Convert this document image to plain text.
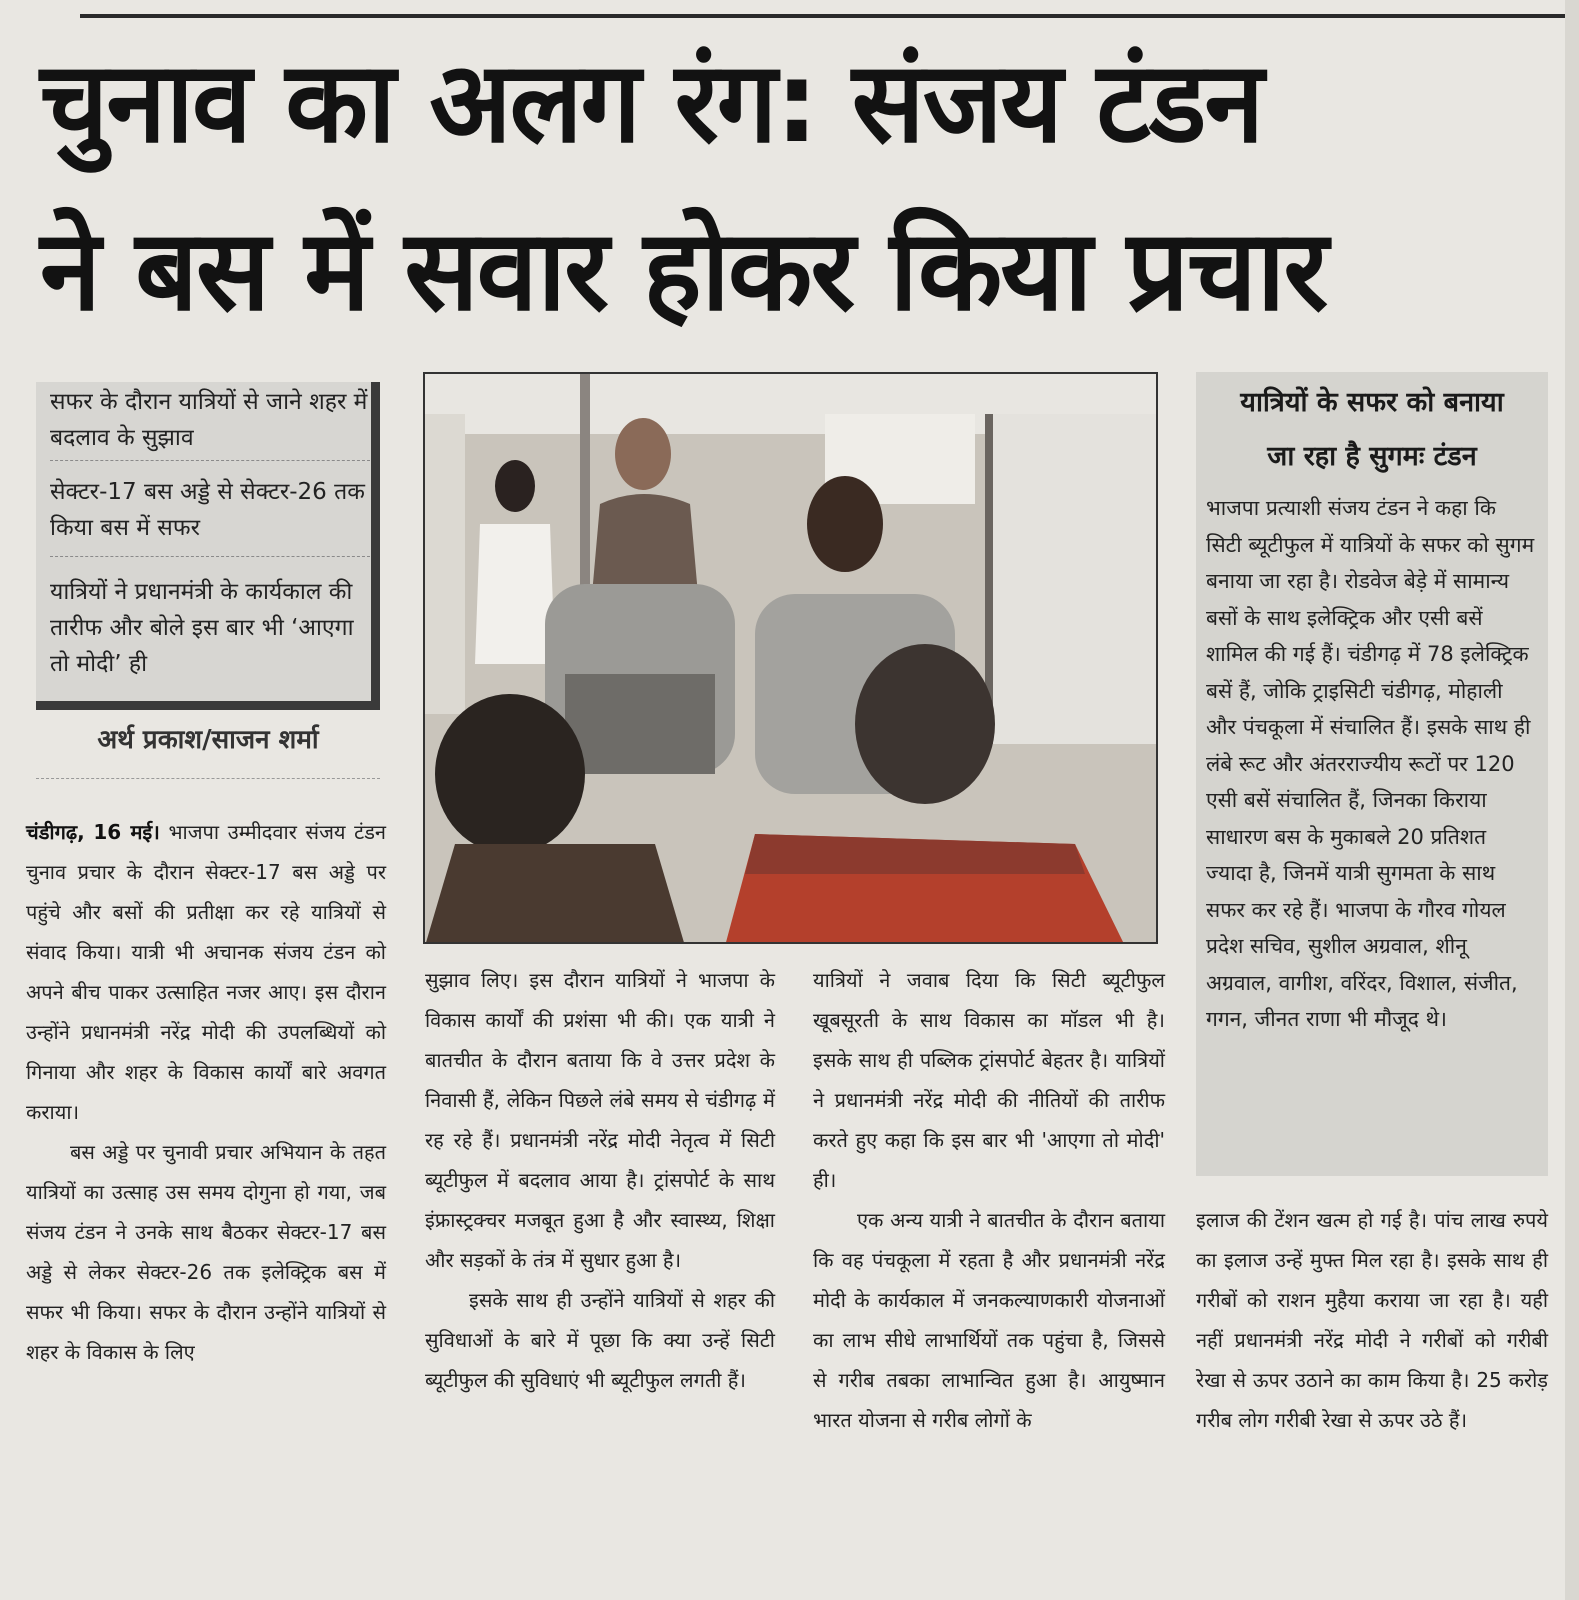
चुनाव का अलग रंग: संजय टंडन
ने बस में सवार होकर किया प्रचार
सफर के दौरान यात्रियों से जाने शहर में बदलाव के सुझाव
सेक्टर-17 बस अड्डे से सेक्टर-26 तक किया बस में सफर
यात्रियों ने प्रधानमंत्री के कार्यकाल की तारीफ और बोले इस बार भी ‘आएगा तो मोदी’ ही
अर्थ प्रकाश/साजन शर्मा

चंडीगढ़, 16 मई। भाजपा उम्मीदवार संजय टंडन चुनाव प्रचार के दौरान सेक्टर-17 बस अड्डे पर पहुंचे और बसों की प्रतीक्षा कर रहे यात्रियों से संवाद किया। यात्री भी अचानक संजय टंडन को अपने बीच पाकर उत्साहित नजर आए। इस दौरान उन्होंने प्रधानमंत्री नरेंद्र मोदी की उपलब्धियों को गिनाया और शहर के विकास कार्यों बारे अवगत कराया।

बस अड्डे पर चुनावी प्रचार अभियान के तहत यात्रियों का उत्साह उस समय दोगुना हो गया, जब संजय टंडन ने उनके साथ बैठकर सेक्टर-17 बस अड्डे से लेकर सेक्टर-26 तक इलेक्ट्रिक बस में सफर भी किया। सफर के दौरान उन्होंने यात्रियों से शहर के विकास के लिए

सुझाव लिए। इस दौरान यात्रियों ने भाजपा के विकास कार्यों की प्रशंसा भी की। एक यात्री ने बातचीत के दौरान बताया कि वे उत्तर प्रदेश के निवासी हैं, लेकिन पिछले लंबे समय से चंडीगढ़ में रह रहे हैं। प्रधानमंत्री नरेंद्र मोदी नेतृत्व में सिटी ब्यूटीफुल में बदलाव आया है। ट्रांसपोर्ट के साथ इंफ्रास्ट्रक्चर मजबूत हुआ है और स्वास्थ्य, शिक्षा और सड़कों के तंत्र में सुधार हुआ है।

इसके साथ ही उन्होंने यात्रियों से शहर की सुविधाओं के बारे में पूछा कि क्या उन्हें सिटी ब्यूटीफुल की सुविधाएं भी ब्यूटीफुल लगती हैं।

यात्रियों ने जवाब दिया कि सिटी ब्यूटीफुल खूबसूरती के साथ विकास का मॉडल भी है। इसके साथ ही पब्लिक ट्रांसपोर्ट बेहतर है। यात्रियों ने प्रधानमंत्री नरेंद्र मोदी की नीतियों की तारीफ करते हुए कहा कि इस बार भी 'आएगा तो मोदी' ही।

एक अन्य यात्री ने बातचीत के दौरान बताया कि वह पंचकूला में रहता है और प्रधानमंत्री नरेंद्र मोदी के कार्यकाल में जनकल्याणकारी योजनाओं का लाभ सीधे लाभार्थियों तक पहुंचा है, जिससे से गरीब तबका लाभान्वित हुआ है। आयुष्मान भारत योजना से गरीब लोगों के

यात्रियों के सफर को बनाया
जा रहा है सुगमः टंडन
भाजपा प्रत्याशी संजय टंडन ने कहा कि सिटी ब्यूटीफुल में यात्रियों के सफर को सुगम बनाया जा रहा है। रोडवेज बेड़े में सामान्य बसों के साथ इलेक्ट्रिक और एसी बसें शामिल की गई हैं। चंडीगढ़ में 78 इलेक्ट्रिक बसें हैं, जोकि ट्राइसिटी चंडीगढ़, मोहाली और पंचकूला में संचालित हैं। इसके साथ ही लंबे रूट और अंतरराज्यीय रूटों पर 120 एसी बसें संचालित हैं, जिनका किराया साधारण बस के मुकाबले 20 प्रतिशत ज्यादा है, जिनमें यात्री सुगमता के साथ सफर कर रहे हैं। भाजपा के गौरव गोयल प्रदेश सचिव, सुशील अग्रवाल, शीनू अग्रवाल, वागीश, वरिंदर, विशाल, संजीत, गगन, जीनत राणा भी मौजूद थे।

इलाज की टेंशन खत्म हो गई है। पांच लाख रुपये का इलाज उन्हें मुफ्त मिल रहा है। इसके साथ ही गरीबों को राशन मुहैया कराया जा रहा है। यही नहीं प्रधानमंत्री नरेंद्र मोदी ने गरीबों को गरीबी रेखा से ऊपर उठाने का काम किया है। 25 करोड़ गरीब लोग गरीबी रेखा से ऊपर उठे हैं।
